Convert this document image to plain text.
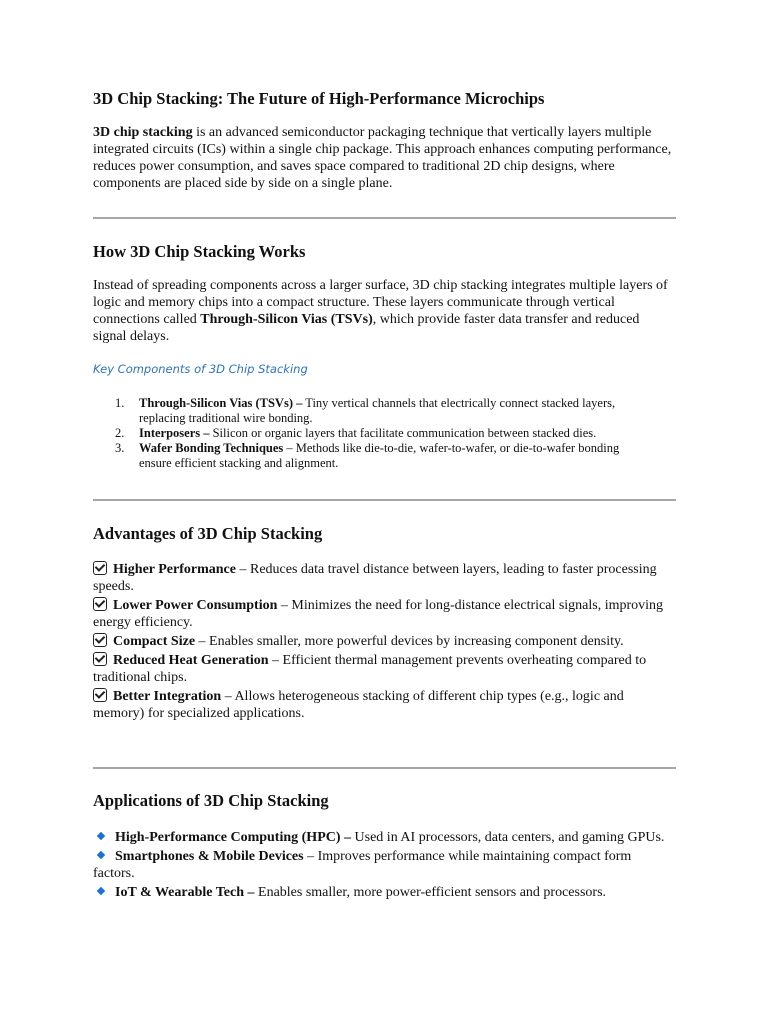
3D Chip Stacking: The Future of High-Performance Microchips

3D chip stacking is an advanced semiconductor packaging technique that vertically layers multiple integrated circuits (ICs) within a single chip package. This approach enhances computing performance, reduces power consumption, and saves space compared to traditional 2D chip designs, where components are placed side by side on a single plane.

How 3D Chip Stacking Works

Instead of spreading components across a larger surface, 3D chip stacking integrates multiple layers of logic and memory chips into a compact structure. These layers communicate through vertical connections called Through-Silicon Vias (TSVs), which provide faster data transfer and reduced signal delays.

Key Components of 3D Chip Stacking
1. Through-Silicon Vias (TSVs) – Tiny vertical channels that electrically connect stacked layers, replacing traditional wire bonding.
2. Interposers – Silicon or organic layers that facilitate communication between stacked dies.
3. Wafer Bonding Techniques – Methods like die-to-die, wafer-to-wafer, or die-to-wafer bonding ensure efficient stacking and alignment.
Advantages of 3D Chip Stacking

Higher Performance – Reduces data travel distance between layers, leading to faster processing speeds.

Lower Power Consumption – Minimizes the need for long-distance electrical signals, improving energy efficiency.

Compact Size – Enables smaller, more powerful devices by increasing component density.

Reduced Heat Generation – Efficient thermal management prevents overheating compared to traditional chips.

Better Integration – Allows heterogeneous stacking of different chip types (e.g., logic and memory) for specialized applications.

Applications of 3D Chip Stacking

High-Performance Computing (HPC) – Used in AI processors, data centers, and gaming GPUs.

Smartphones & Mobile Devices – Improves performance while maintaining compact form factors.

IoT & Wearable Tech – Enables smaller, more power-efficient sensors and processors.
